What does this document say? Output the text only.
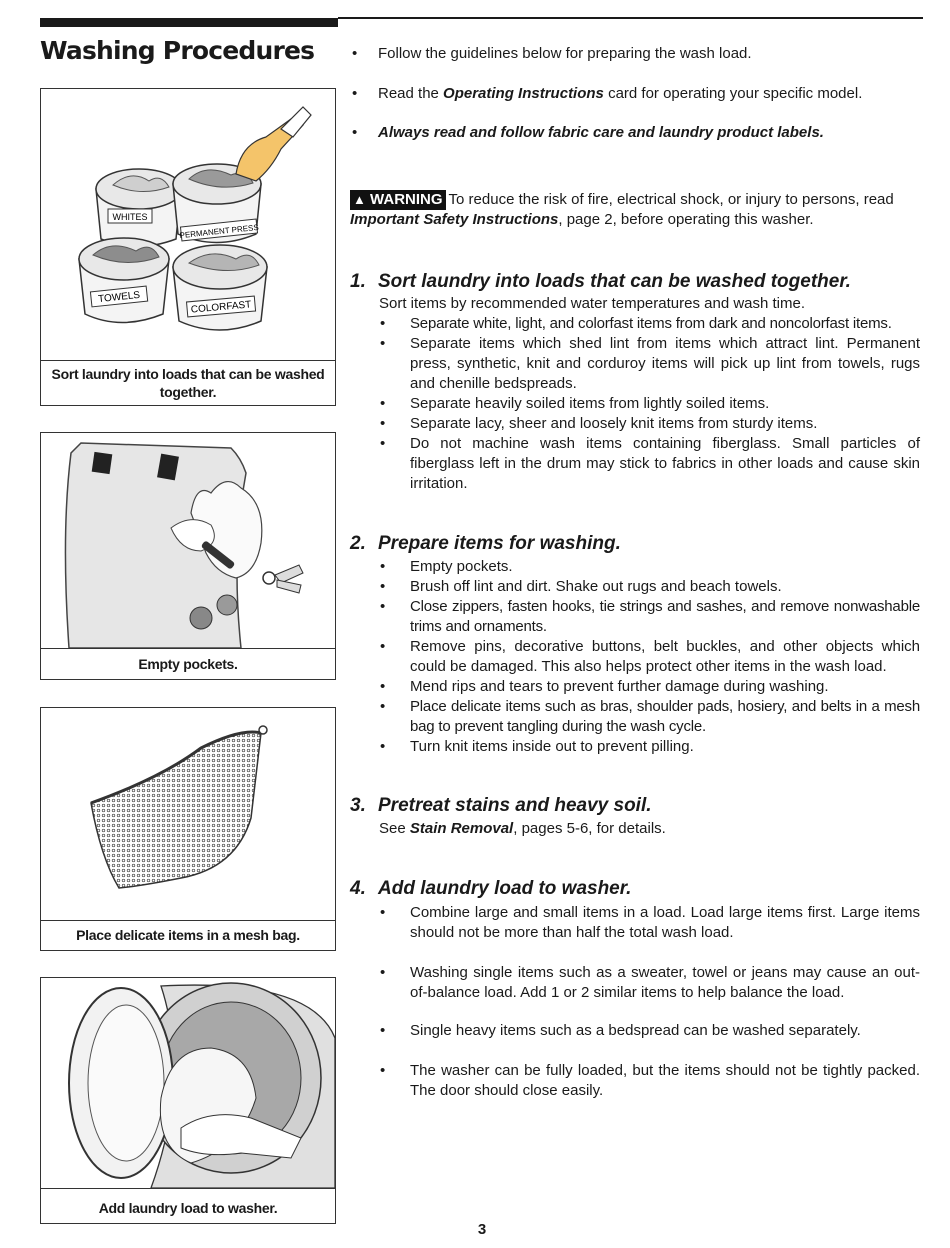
Washing Procedures
WHITES
PERMANENT PRESS
TOWELS
COLORFAST
Sort laundry into loads that can be washed together.
Empty pockets.
Place delicate items in a mesh bag.
Add laundry load to washer.
• Follow the guidelines below for preparing the wash load.
• Read the Operating Instructions card for operating your specific model.
• Always read and follow fabric care and laundry product labels.
▲ WARNING To reduce the risk of fire, electrical shock, or injury to persons, read
Important Safety Instructions, page 2, before operating this washer.
1. Sort laundry into loads that can be washed together.
Sort items by recommended water temperatures and wash time.
• Separate white, light, and colorfast items from dark and noncolorfast items.
• Separate items which shed lint from items which attract lint. Permanent press, synthetic, knit and corduroy items will pick up lint from towels, rugs and chenille bedspreads.
• Separate heavily soiled items from lightly soiled items.
• Separate lacy, sheer and loosely knit items from sturdy items.
• Do not machine wash items containing fiberglass. Small particles of fiberglass left in the drum may stick to fabrics in other loads and cause skin irritation.
2. Prepare items for washing.
• Empty pockets.
• Brush off lint and dirt. Shake out rugs and beach towels.
• Close zippers, fasten hooks, tie strings and sashes, and remove nonwashable trims and ornaments.
• Remove pins, decorative buttons, belt buckles, and other objects which could be damaged. This also helps protect other items in the wash load.
• Mend rips and tears to prevent further damage during washing.
• Place delicate items such as bras, shoulder pads, hosiery, and belts in a mesh bag to prevent tangling during the wash cycle.
• Turn knit items inside out to prevent pilling.
3. Pretreat stains and heavy soil.
See Stain Removal, pages 5-6, for details.
4. Add laundry load to washer.
• Combine large and small items in a load. Load large items first. Large items should not be more than half the total wash load.
• Washing single items such as a sweater, towel or jeans may cause an out-of-balance load. Add 1 or 2 similar items to help balance the load.
• Single heavy items such as a bedspread can be washed separately.
• The washer can be fully loaded, but the items should not be tightly packed. The door should close easily.
3
